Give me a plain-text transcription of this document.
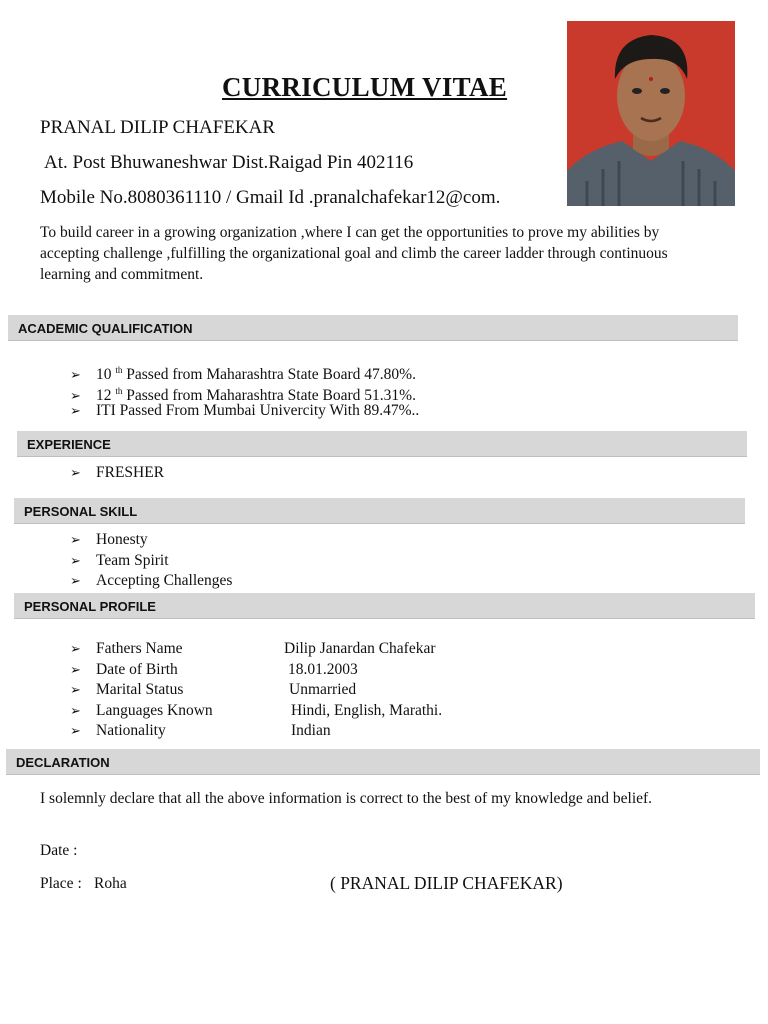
CURRICULUM VITAE
PRANAL DILIP CHAFEKAR
At. Post Bhuwaneshwar Dist.Raigad Pin 402116
Mobile No.8080361110 / Gmail Id .pranalchafekar12@com.
To build career in a growing organization ,where I can get the opportunities to prove my abilities by accepting challenge ,fulfilling the organizational goal and climb the career ladder through continuous learning and commitment.
ACADEMIC QUALIFICATION
➢ 10 $^{th}$ Passed from Maharashtra State Board 47.80%.
➢ 12 $^{th}$ Passed from Maharashtra State Board 51.31%.
➢ ITI Passed From Mumbai Univercity With 89.47%..
EXPERIENCE
➢ FRESHER
PERSONAL SKILL
➢ Honesty
➢ Team Spirit
➢ Accepting Challenges
PERSONAL PROFILE
➢ Fathers Name	Dilip Janardan Chafekar
➢ Date of Birth	18.01.2003
➢ Marital Status	Unmarried
➢ Languages Known	Hindi, English, Marathi.
➢ Nationality	Indian
DECLARATION
I solemnly declare that all the above information is correct to the best of my knowledge and belief.
Date :
Place : Roha	( PRANAL DILIP CHAFEKAR)
